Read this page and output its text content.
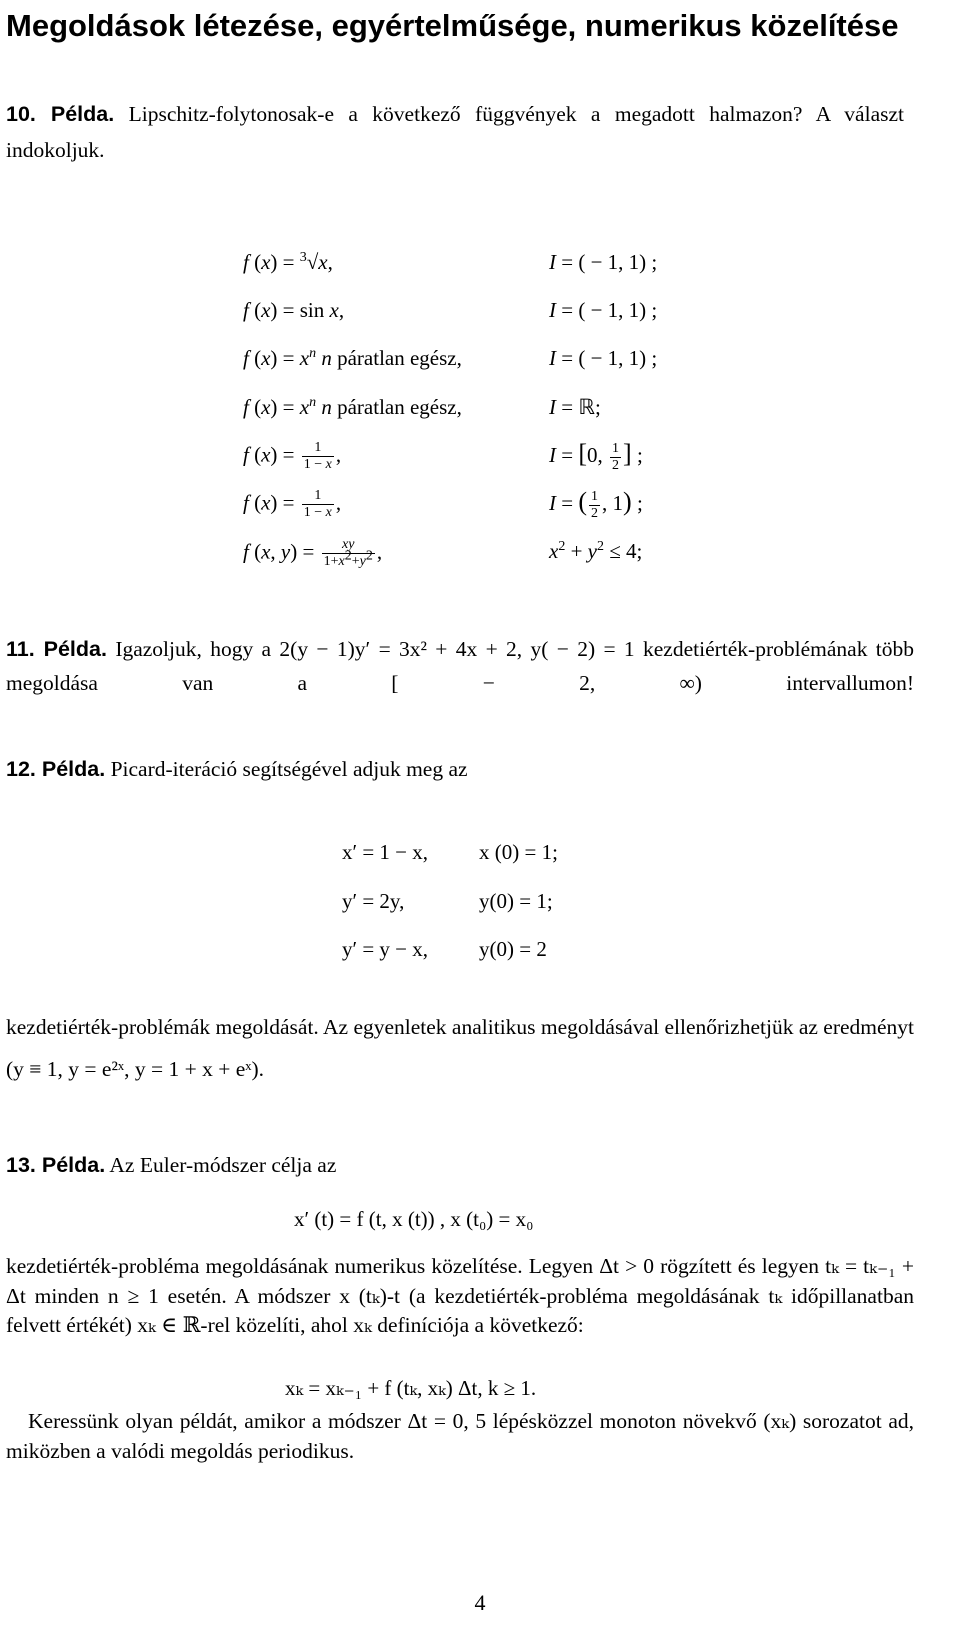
Megoldások létezése, egyértelműsége, numerikus közelítése
10. Példa. Lipschitz-folytonosak-e a következő függvények a megadott halmazon? A választ indokoljuk.
f (x) = $^3$√x,	I = ( − 1, 1) ;
f (x) = sin x,	I = ( − 1, 1) ;
f $(x) = x^n$ n páratlan egész,	I = ( − 1, 1) ;
f $(x) = x^n$ n páratlan egész,	I = ℝ;
f $(x) = \frac{1}{1 - x}$ ,	I = [0, $\frac{1}{2}$ ] ;
f $(x) = \frac{1}{1 - x}$ ,	I = ( $\frac{1}{2}$ , 1) ;
f (x, $y) = \frac{xy}{1+x^2+y^2}$ ,	$x^2 + y^2 \le 4$;
11. Példa. Igazoljuk, hogy a 2(y − 1)y′ = 3x² + 4x + 2, y( − 2) = 1 kezdetiérték-problémának több megoldása van a [ − 2, ∞) intervallumon!
12. Példa. Picard-iteráció segítségével adjuk meg az
x′ = 1 − x, x (0) = 1;
y′ = 2y,	y(0) = 1;
y′ = y − x, y(0) = 2
kezdetiérték-problémák megoldását. Az egyenletek analitikus megoldásával ellenőrizhetjük az eredményt (y ≡ 1, y = e²ˣ, y = 1 + x + eˣ).
13. Példa. Az Euler-módszer célja az
x′ (t) = f (t, x (t)) , x (t₀) = x₀
kezdetiérték-probléma megoldásának numerikus közelítése. Legyen Δt > 0 rögzített és legyen tₖ = tₖ₋₁ + Δt minden n ≥ 1 esetén. A módszer x (tₖ)-t (a kezdetiérték-probléma megoldásának tₖ időpillanatban felvett értékét) xₖ ∈ ℝ-rel közelíti, ahol xₖ definíciója a következő:
xₖ = xₖ₋₁ + f (tₖ, xₖ) Δt, k ≥ 1.
Keressünk olyan példát, amikor a módszer Δt = 0, 5 lépésközzel monoton növekvő (xₖ) sorozatot ad, miközben a valódi megoldás periodikus.
4
